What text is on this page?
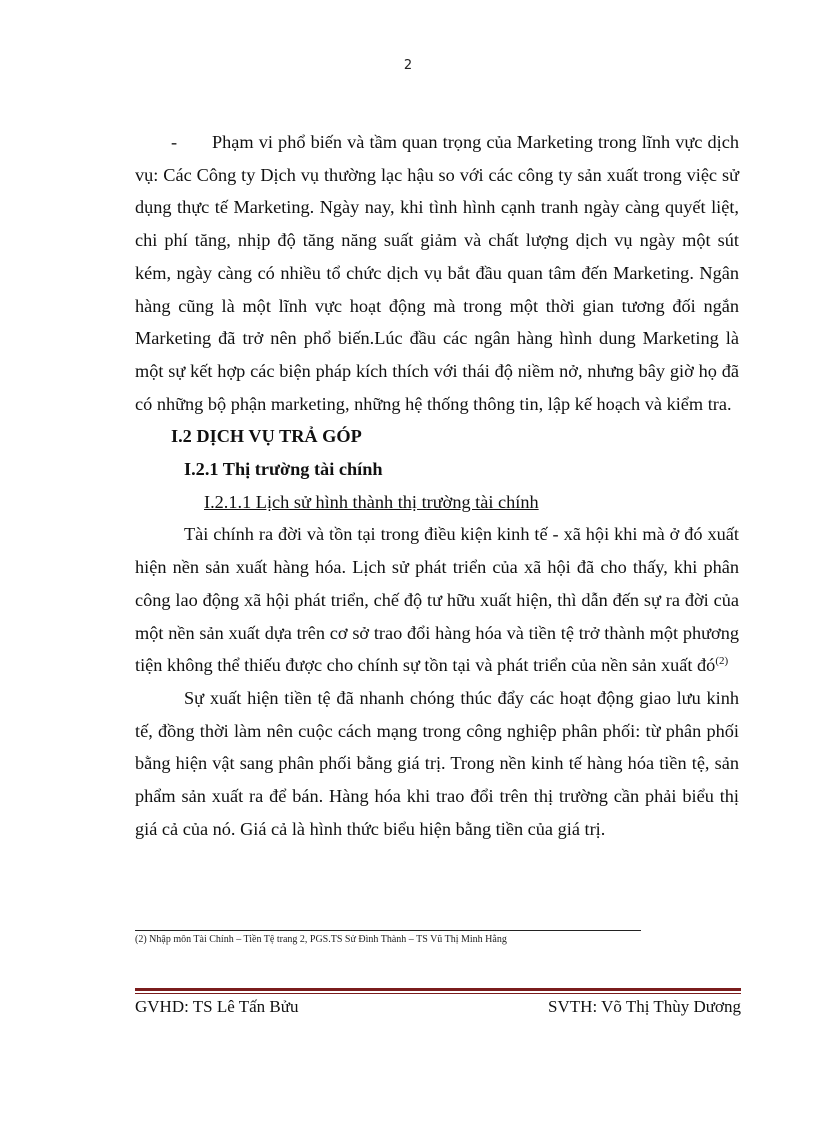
2

- Phạm vi phổ biến và tầm quan trọng của Marketing trong lĩnh vực dịch vụ: Các Công ty Dịch vụ thường lạc hậu so với các công ty sản xuất trong việc sử dụng thực tế Marketing. Ngày nay, khi tình hình cạnh tranh ngày càng quyết liệt, chi phí tăng, nhịp độ tăng năng suất giảm và chất lượng dịch vụ ngày một sút kém, ngày càng có nhiều tổ chức dịch vụ bắt đầu quan tâm đến Marketing. Ngân hàng cũng là một lĩnh vực hoạt động mà trong một thời gian tương đối ngắn Marketing đã trở nên phổ biến.Lúc đầu các ngân hàng hình dung Marketing là một sự kết hợp các biện pháp kích thích với thái độ niềm nở, nhưng bây giờ họ đã có những bộ phận marketing, những hệ thống thông tin, lập kế hoạch và kiểm tra.

I.2 DỊCH VỤ TRẢ GÓP

I.2.1 Thị trường tài chính

I.2.1.1 Lịch sử hình thành thị trường tài chính

Tài chính ra đời và tồn tại trong điều kiện kinh tế - xã hội khi mà ở đó xuất hiện nền sản xuất hàng hóa. Lịch sử phát triển của xã hội đã cho thấy, khi phân công lao động xã hội phát triển, chế độ tư hữu xuất hiện, thì dẫn đến sự ra đời của một nền sản xuất dựa trên cơ sở trao đổi hàng hóa và tiền tệ trở thành một phương tiện không thể thiếu được cho chính sự tồn tại và phát triển của nền sản xuất $đó^{(2)}$

Sự xuất hiện tiền tệ đã nhanh chóng thúc đẩy các hoạt động giao lưu kinh tế, đồng thời làm nên cuộc cách mạng trong công nghiệp phân phối: từ phân phối bằng hiện vật sang phân phối bằng giá trị. Trong nền kinh tế hàng hóa tiền tệ, sản phẩm sản xuất ra để bán. Hàng hóa khi trao đổi trên thị trường cần phải biểu thị giá cả của nó. Giá cả là hình thức biểu hiện bằng tiền của giá trị.

(2) Nhập môn Tài Chính – Tiền Tệ trang 2, PGS.TS Sử Đình Thành – TS Vũ Thị Minh Hằng
GVHD: TS Lê Tấn Bửu	SVTH: Võ Thị Thùy Dương
